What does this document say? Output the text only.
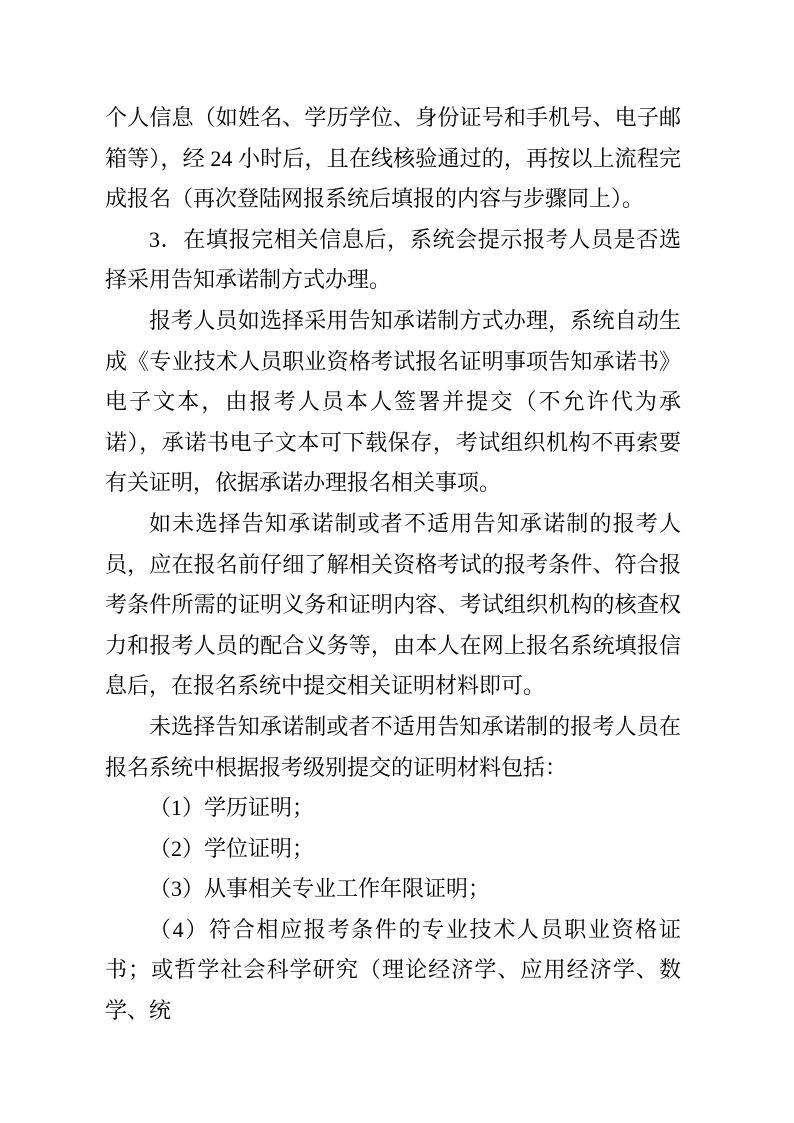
个人信息（如姓名、学历学位、身份证号和手机号、电子邮箱等），经 24 小时后，且在线核验通过的，再按以上流程完成报名（再次登陆网报系统后填报的内容与步骤同上）。

3．在填报完相关信息后，系统会提示报考人员是否选择采用告知承诺制方式办理。

报考人员如选择采用告知承诺制方式办理，系统自动生成《专业技术人员职业资格考试报名证明事项告知承诺书》电子文本，由报考人员本人签署并提交（不允许代为承诺），承诺书电子文本可下载保存，考试组织机构不再索要有关证明，依据承诺办理报名相关事项。

如未选择告知承诺制或者不适用告知承诺制的报考人员，应在报名前仔细了解相关资格考试的报考条件、符合报考条件所需的证明义务和证明内容、考试组织机构的核查权力和报考人员的配合义务等，由本人在网上报名系统填报信息后，在报名系统中提交相关证明材料即可。

未选择告知承诺制或者不适用告知承诺制的报考人员在报名系统中根据报考级别提交的证明材料包括：

（1）学历证明；

（2）学位证明；

（3）从事相关专业工作年限证明；

（4）符合相应报考条件的专业技术人员职业资格证书；或哲学社会科学研究（理论经济学、应用经济学、数学、统
